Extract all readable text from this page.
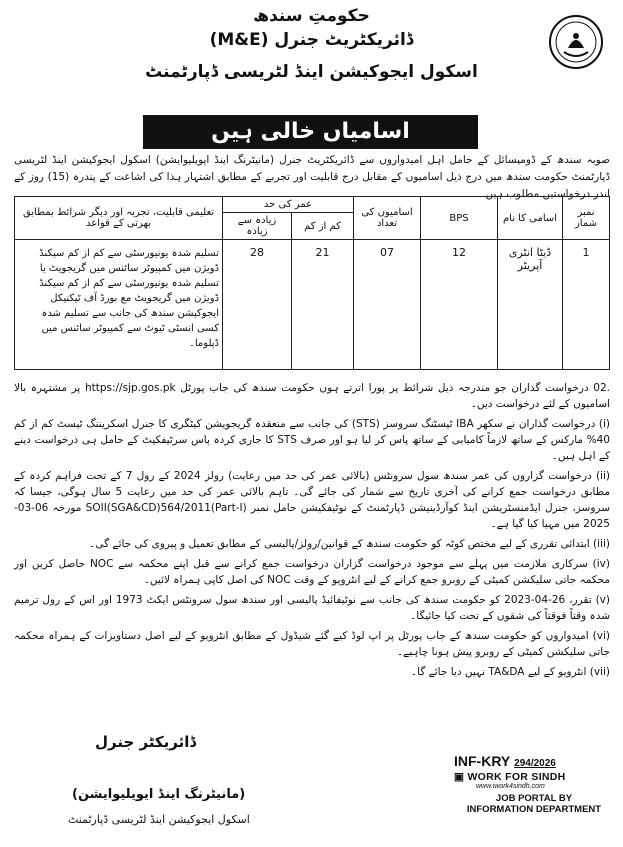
حکومتِ سندھ
ڈائریکٹریٹ جنرل (M&E)
اسکول ایجوکیشن اینڈ لٹریسی ڈپارٹمنٹ
اسامیاں خالی ہیں
صوبہ سندھ کے ڈومیسائل کے حامل اہل امیدواروں سے ڈائریکٹریٹ جنرل (مانیٹرنگ اینڈ ایویلیوایشن) اسکول ایجوکیشن اینڈ لٹریسی ڈپارٹمنٹ حکومت سندھ میں درج ذیل اسامیوں کے مقابل درج قابلیت اور تجربے کے مطابق اشتہار ہذا کی اشاعت کے پندرہ (15) روز کے اندر درخواستیں مطلوب ہیں۔
نمبر شمار	اسامی کا نام	BPS	اسامیوں کی تعداد	عمر کی حد		تعلیمی قابلیت، تجربہ اور دیگر شرائط بمطابق بھرتی کے قواعد
				کم از کم	زیادہ سے زیادہ	
1	ڈیٹا انٹری آپریٹر	12	07	21	28	تسلیم شدہ یونیورسٹی سے کم از کم سیکنڈ ڈویژن میں کمپیوٹر سائنس میں گریجویٹ یا تسلیم شدہ یونیورسٹی سے کم از کم سیکنڈ ڈویژن میں گریجویٹ مع بورڈ آف ٹیکنیکل ایجوکیشن سندھ کی جانب سے تسلیم شدہ کسی انسٹی ٹیوٹ سے کمپیوٹر سائنس میں ڈپلوما۔
.02 درخواست گذاران جو مندرجہ ذیل شرائط پر پورا اترتے ہوں حکومت سندھ کی جاب پورٹل https://sjp.gos.pk پر مشتہرہ بالا اسامیوں کے لئے درخواست دیں۔
(i) درخواست گذاران نے سکھر IBA ٹیسٹنگ سروسز (STS) کی جانب سے منعقدہ گریجویشن کیٹگری کا جنرل اسکریننگ ٹیسٹ کم از کم 40% مارکس کے ساتھ لازماً کامیابی کے ساتھ پاس کر لیا ہو اور صرف STS کا جاری کردہ پاس سرٹیفکیٹ کے حامل ہی درخواست دینے کے اہل ہیں۔
(ii) درخواست گزاروں کی عمر سندھ سول سرونٹس (بالائی عمر کی حد میں رعایت) رولز 2024 کے رول 7 کے تحت فراہم کردہ کے مطابق درخواست جمع کرانے کی آخری تاریخ سے شمار کی جائے گی۔ تاہم بالائی عمر کی حد میں رعایت 5 سال ہوگی، جیسا کہ سروسز، جنرل ایڈمنسٹریشن اینڈ کوآرڈینیشن ڈپارٹمنٹ کے نوٹیفکیشن حامل نمبر SOII(SGA&CD)564/2011(Part-I) مورخہ 06-03-2025 میں مہیا کیا گیا ہے۔
(iii) ابتدائی تقرری کے لیے مختص کوٹہ کو حکومت سندھ کے قوانین/رولز/پالیسی کے مطابق تعمیل و پیروی کی جائے گی۔
(iv) سرکاری ملازمت میں پہلے سے موجود درخواست گزاران درخواست جمع کرانے سے قبل اپنے محکمہ سے NOC حاصل کریں اور محکمہ جاتی سلیکشن کمیٹی کے روبرو جمع کرانے کے لیے انٹرویو کے وقت NOC کی اصل کاپی ہمراہ لائیں۔
(v) تقرر، 26-04-2023 کو حکومت سندھ کی جانب سے نوٹیفائیڈ پالیسی اور سندھ سول سرونٹس ایکٹ 1973 اور اس کے رول ترمیم شدہ وقتاً فوقتاً کی شقوں کے تحت کیا جائیگا۔
(vi) امیدواروں کو حکومت سندھ کے جاب پورٹل پر اپ لوڈ کیے گئے شیڈول کے مطابق انٹرویو کے لیے اصل دستاویزات کے ہمراہ محکمہ جاتی سلیکشن کمیٹی کے روبرو پیش ہونا چاہیے۔
(vii) انٹرویو کے لیے TA&DA نہیں دیا جائے گا۔
ڈائریکٹر جنرل
(مانیٹرنگ اینڈ ایویلیوایشن)
اسکول ایجوکیشن اینڈ لٹریسی ڈپارٹمنٹ
INF-KRY 294/2026
▣ WORK FOR SINDH
www.iwork4sindh.com
JOB PORTAL BY
INFORMATION DEPARTMENT
